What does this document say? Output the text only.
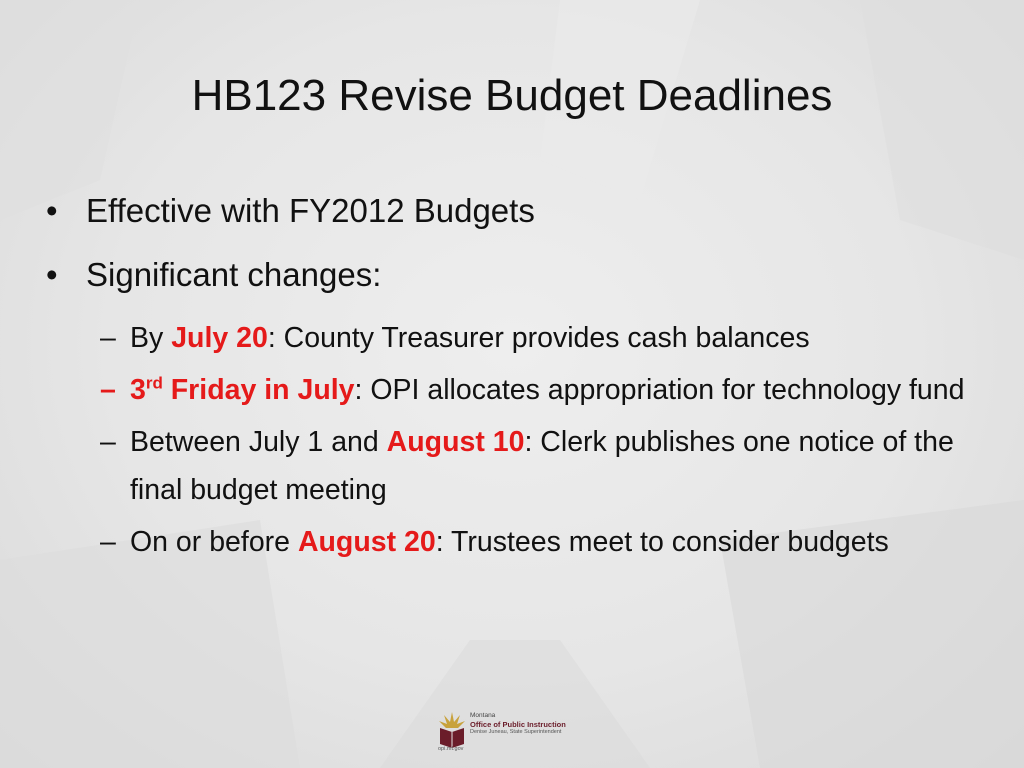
HB123 Revise Budget Deadlines
• Effective with FY2012 Budgets
• Significant changes:
– By July 20: County Treasurer provides cash balances
– 3rd Friday in July: OPI allocates appropriation for technology fund
– Between July 1 and August 10: Clerk publishes one notice of the final budget meeting
– On or before August 20: Trustees meet to consider budgets
Montana
Office of Public Instruction
Denise Juneau, State Superintendent
opi.mt.gov
